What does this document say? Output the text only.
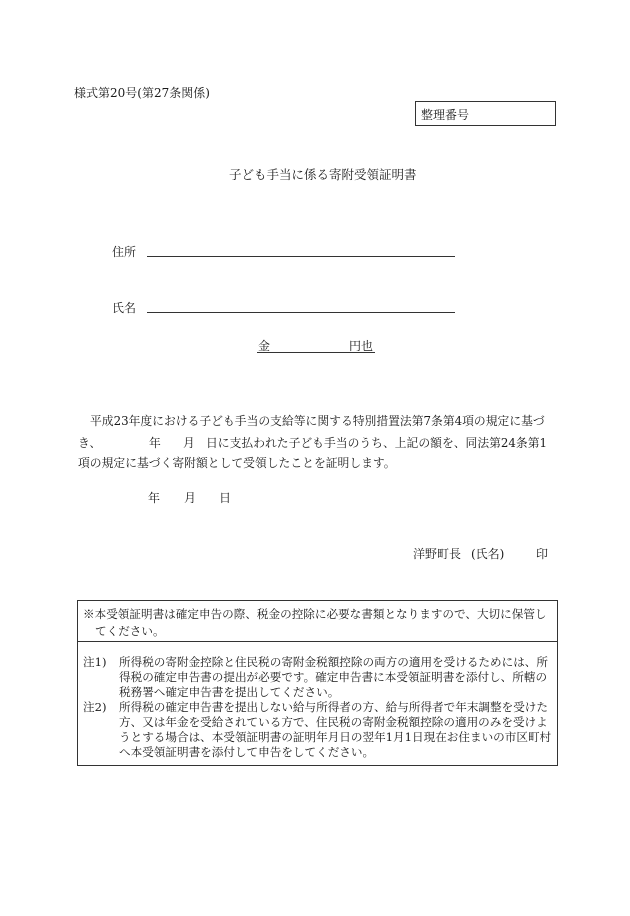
様式第20号(第27条関係)
整理番号
子ども手当に係る寄附受領証明書
住所
氏名
金	円也
平成23年度における子ども手当の支給等に関する特別措置法第7条第4項の規定に基づ
き、	年 月 日に支払われた子ども手当のうち、上記の額を、同法第24条第1
項の規定に基づく寄附額として受領したことを証明します。
年 月 日
洋野町長 (氏名)	印
※本受領証明書は確定申告の際、税金の控除に必要な書類となりますので、大切に保管し
てください。
注1) 所得税の寄附金控除と住民税の寄附金税額控除の両方の適用を受けるためには、所
得税の確定申告書の提出が必要です。確定申告書に本受領証明書を添付し、所轄の
税務署へ確定申告書を提出してください。
注2) 所得税の確定申告書を提出しない給与所得者の方、給与所得者で年末調整を受けた
方、又は年金を受給されている方で、住民税の寄附金税額控除の適用のみを受けよ
うとする場合は、本受領証明書の証明年月日の翌年1月1日現在お住まいの市区町村
へ本受領証明書を添付して申告をしてください。
